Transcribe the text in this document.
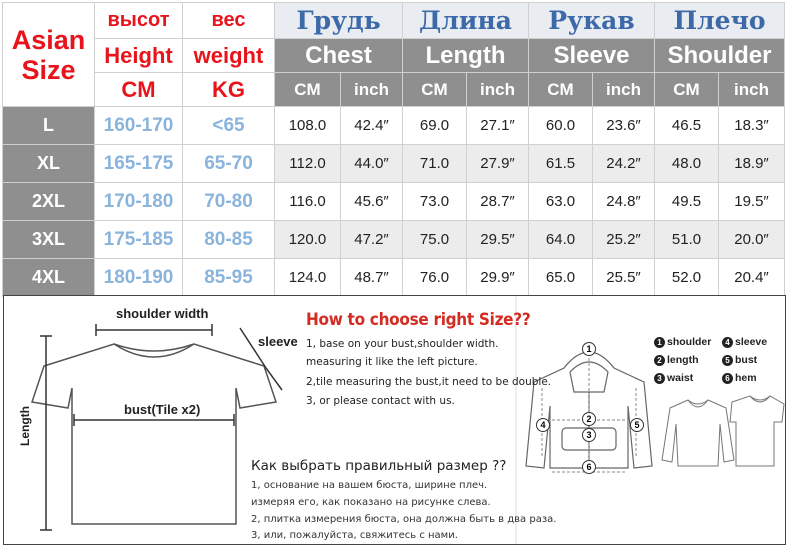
Asian
Size	высот	вес	Грудь		Длина		Рукав		Плечо	
	Height	weight	Chest		Length		Sleeve		Shoulder	
	CM	KG	CM	inch	CM	inch	CM	inch	CM	inch
L	160-170	<65	108.0	42.4″	69.0	27.1″	60.0	23.6″	46.5	18.3″
XL	165-175	65-70	112.0	44.0″	71.0	27.9″	61.5	24.2″	48.0	18.9″
2XL	170-180	70-80	116.0	45.6″	73.0	28.7″	63.0	24.8″	49.5	19.5″
3XL	175-185	80-85	120.0	47.2″	75.0	29.5″	64.0	25.2″	51.0	20.0″
4XL	180-190	85-95	124.0	48.7″	76.0	29.9″	65.0	25.5″	52.0	20.4″
shoulder width
sleeve
bust(Tile x2)
Length
How to choose right Size??
1, base on your bust,shoulder width.
measuring it like the left picture.
2,tile measuring the bust,it need to be double.
3, or please contact with us.
Как выбрать правильный размер ??
1, основание на вашем бюста, ширине плеч.
измеряя его, как показано на рисунке слева.
2, плитка измерения бюста, она должна быть в два раза.
3, или, пожалуйста, свяжитесь с нами.
1 shoulder	4 sleeve
2 length	5 bust
3 waist	6 hem
1
2
3
4	5
6
